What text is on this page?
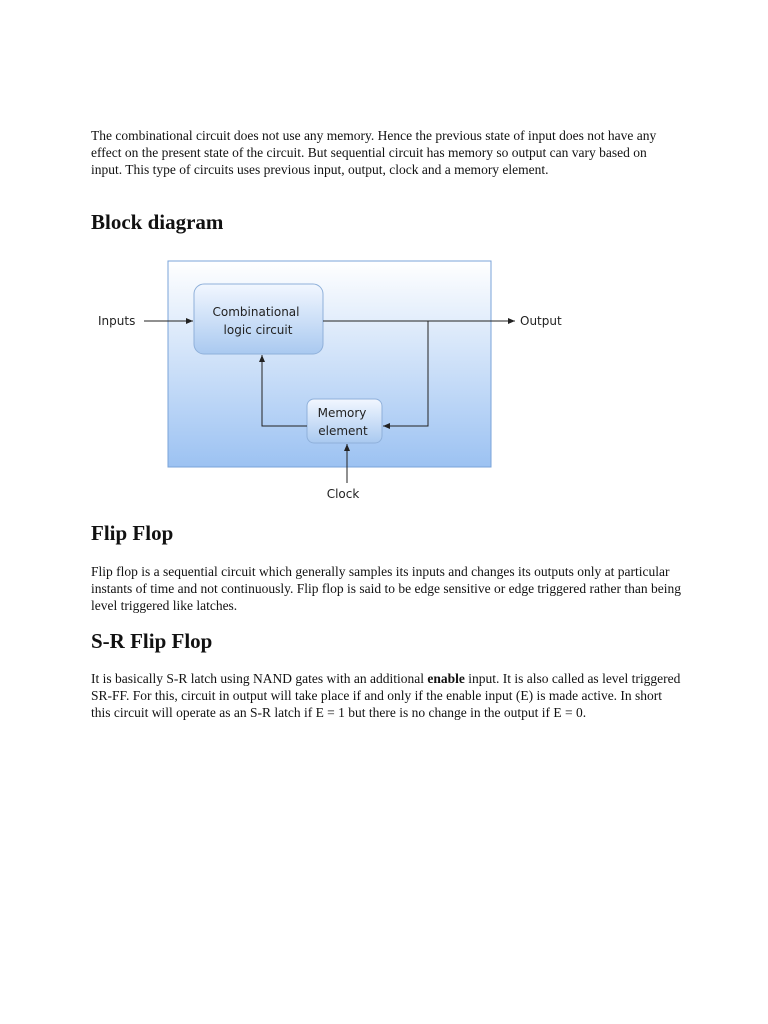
The combinational circuit does not use any memory. Hence the previous state of input does not have any effect on the present state of the circuit. But sequential circuit has memory so output can vary based on input. This type of circuits uses previous input, output, clock and a memory element.

Block diagram
Combinational
logic circuit
Memory
element
Inputs	Output
Clock
Flip Flop

Flip flop is a sequential circuit which generally samples its inputs and changes its outputs only at particular instants of time and not continuously. Flip flop is said to be edge sensitive or edge triggered rather than being level triggered like latches.

S-R Flip Flop

It is basically S-R latch using NAND gates with an additional enable input. It is also called as level triggered SR-FF. For this, circuit in output will take place if and only if the enable input (E) is made active. In short this circuit will operate as an S-R latch if E = 1 but there is no change in the output if E = 0.
